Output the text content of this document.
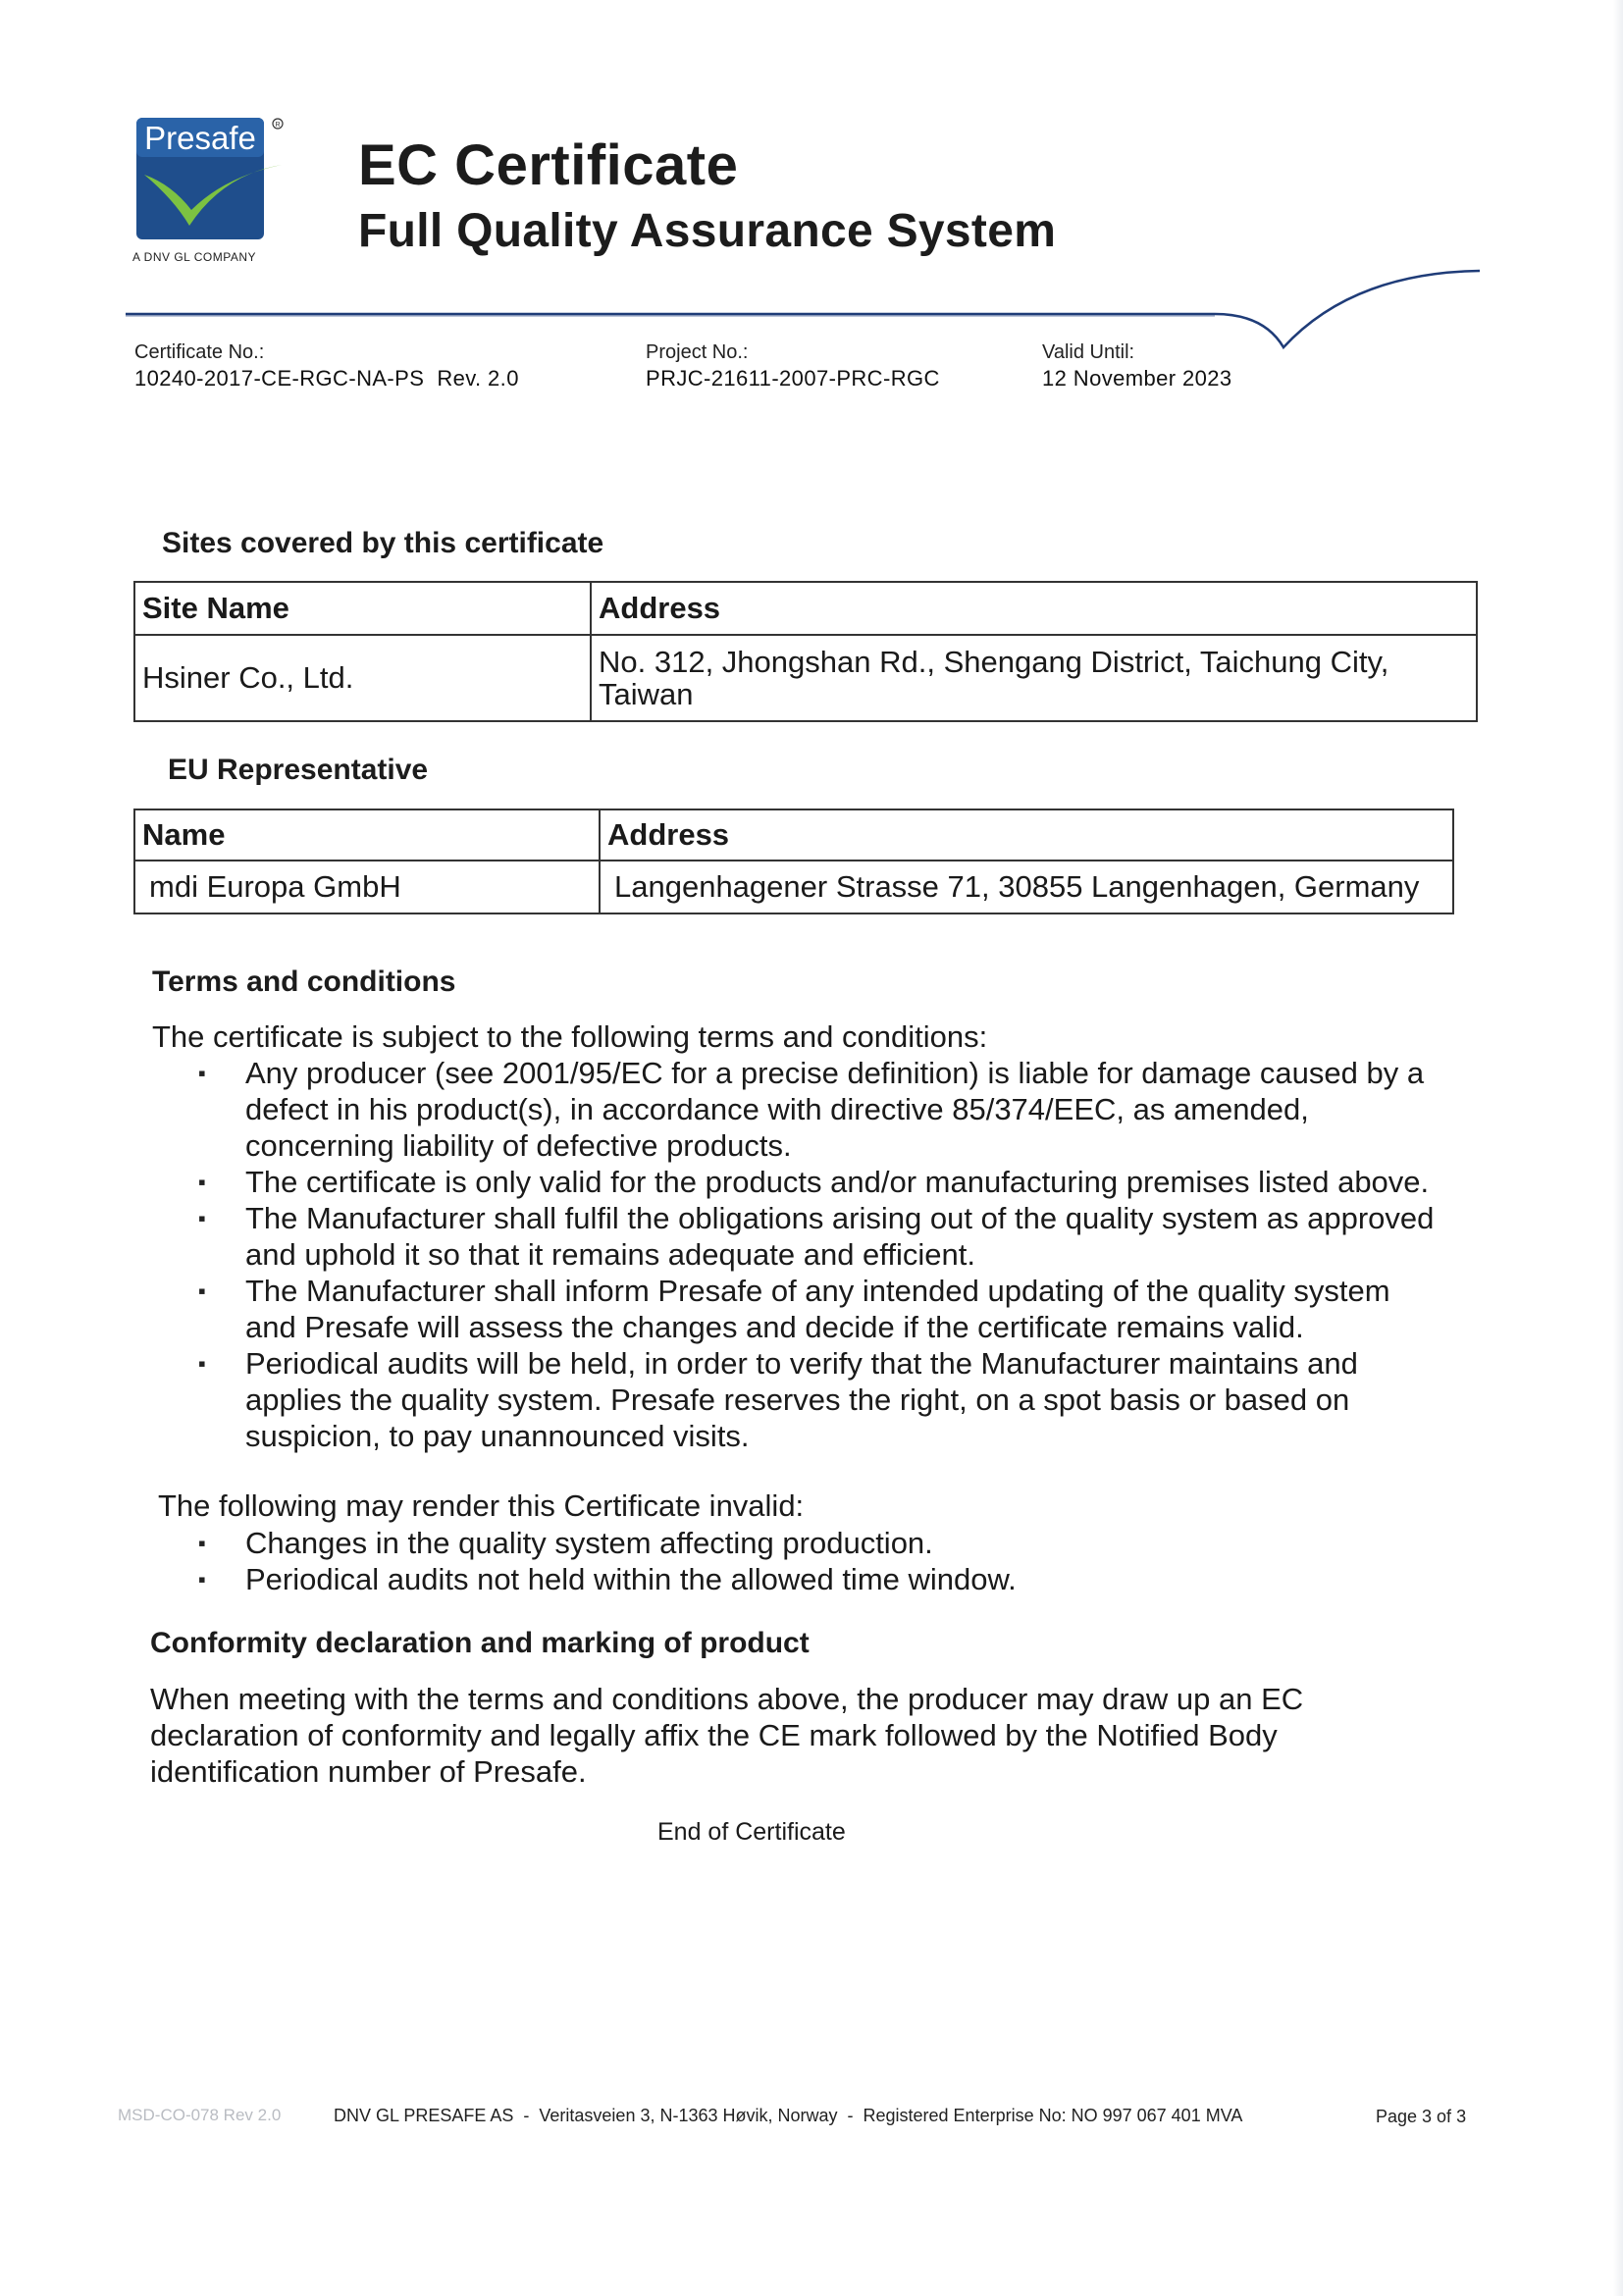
R
Presafe
A DNV GL COMPANY
EC Certificate
Full Quality Assurance System
Certificate No.:
10240-2017-CE-RGC-NA-PS  Rev. 2.0
Project No.:
PRJC-21611-2007-PRC-RGC
Valid Until:
12 November 2023
Sites covered by this certificate
Site Name	Address
Hsiner Co., Ltd.	No. 312, Jhongshan Rd., Shengang District, Taichung City,
Taiwan
EU Representative
Name	Address
mdi Europa GmbH	Langenhagener Strasse 71, 30855 Langenhagen, Germany
Terms and conditions
The certificate is subject to the following terms and conditions:
▪ Any producer (see 2001/95/EC for a precise definition) is liable for damage caused by a
defect in his product(s), in accordance with directive 85/374/EEC, as amended,
concerning liability of defective products.
▪ The certificate is only valid for the products and/or manufacturing premises listed above.
▪ The Manufacturer shall fulfil the obligations arising out of the quality system as approved
and uphold it so that it remains adequate and efficient.
▪ The Manufacturer shall inform Presafe of any intended updating of the quality system
and Presafe will assess the changes and decide if the certificate remains valid.
▪ Periodical audits will be held, in order to verify that the Manufacturer maintains and
applies the quality system. Presafe reserves the right, on a spot basis or based on
suspicion, to pay unannounced visits.
The following may render this Certificate invalid:
▪ Changes in the quality system affecting production.
▪ Periodical audits not held within the allowed time window.
Conformity declaration and marking of product
When meeting with the terms and conditions above, the producer may draw up an EC
declaration of conformity and legally affix the CE mark followed by the Notified Body
identification number of Presafe.
End of Certificate
MSD-CO-078 Rev 2.0	DNV GL PRESAFE AS  -  Veritasveien 3, N-1363 Høvik, Norway  -  Registered Enterprise No: NO 997 067 401 MVA	Page 3 of 3
